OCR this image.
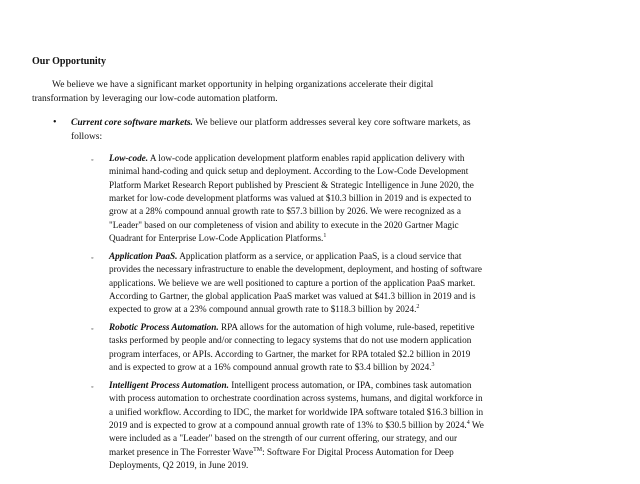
Our Opportunity
We believe we have a significant market opportunity in helping organizations accelerate their digital
transformation by leveraging our low-code automation platform.
• Current core software markets. We believe our platform addresses several key core software markets, as
follows:
◦ Low-code. A low-code application development platform enables rapid application delivery with
minimal hand-coding and quick setup and deployment. According to the Low-Code Development
Platform Market Research Report published by Prescient & Strategic Intelligence in June 2020, the
market for low-code development platforms was valued at $10.3 billion in 2019 and is expected to
grow at a 28% compound annual growth rate to $57.3 billion by 2026. We were recognized as a
"Leader" based on our completeness of vision and ability to execute in the 2020 Gartner Magic
Quadrant for Enterprise Low-Code Application Platforms.$^1$
◦ Application PaaS. Application platform as a service, or application PaaS, is a cloud service that
provides the necessary infrastructure to enable the development, deployment, and hosting of software
applications. We believe we are well positioned to capture a portion of the application PaaS market.
According to Gartner, the global application PaaS market was valued at $41.3 billion in 2019 and is
expected to grow at a 23% compound annual growth rate to $118.3 billion by 2024.$^2$
◦ Robotic Process Automation. RPA allows for the automation of high volume, rule-based, repetitive
tasks performed by people and/or connecting to legacy systems that do not use modern application
program interfaces, or APIs. According to Gartner, the market for RPA totaled $2.2 billion in 2019
and is expected to grow at a 16% compound annual growth rate to $3.4 billion by 2024.$^3$
◦ Intelligent Process Automation. Intelligent process automation, or IPA, combines task automation
with process automation to orchestrate coordination across systems, humans, and digital workforce in
a unified workflow. According to IDC, the market for worldwide IPA software totaled $16.3 billion in
2019 and is expected to grow at a compound annual growth rate of 13% to $30.5 billion by 2024.$^4$ We
were included as a "Leader" based on the strength of our current offering, our strategy, and our
market presence in The Forrester Wave™: Software For Digital Process Automation for Deep
Deployments, Q2 2019, in June 2019.
